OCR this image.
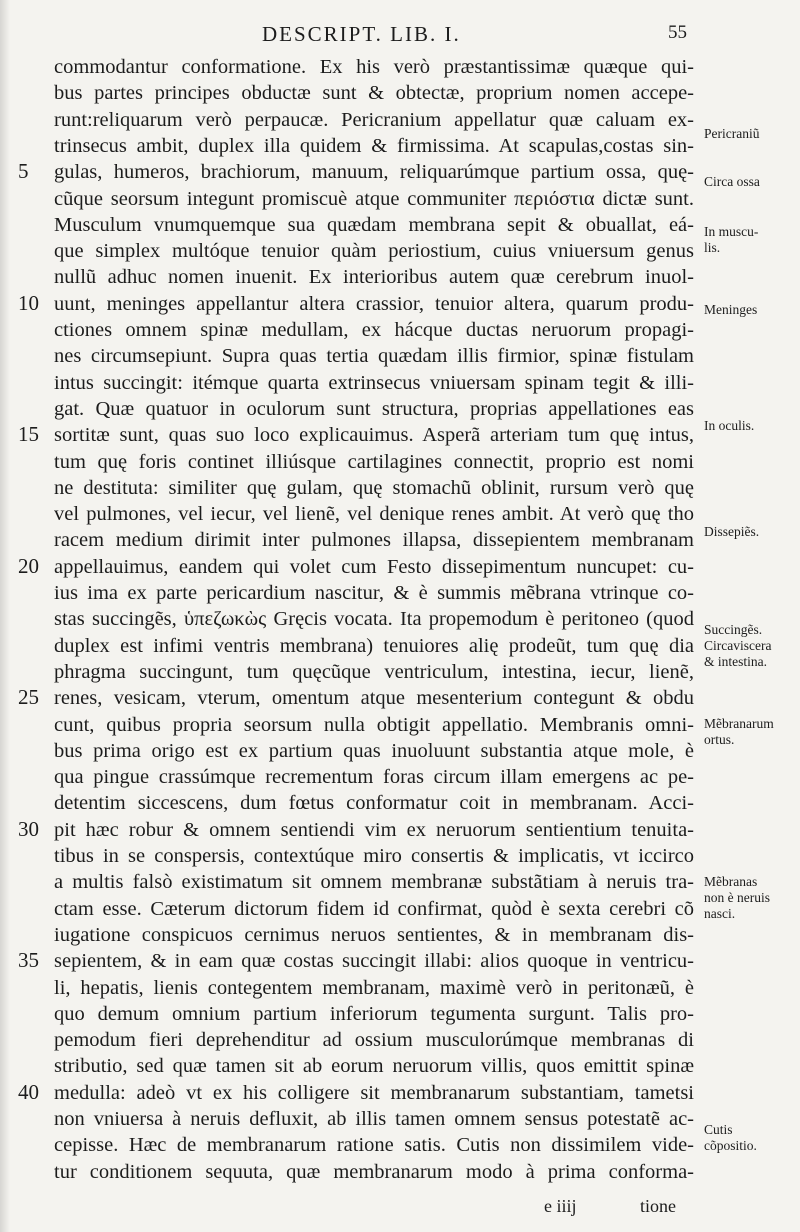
DESCRIPT. LIB. I.	55
commodantur conformatione. Ex his verò præstantissimæ quæque qui-
bus partes principes obductæ sunt & obtectæ, proprium nomen accepe-
runt:reliquarum verò perpaucæ. Pericranium appellatur quæ caluam ex-
trinsecus ambit, duplex illa quidem & firmissima. At scapulas,costas sin-
5	gulas, humeros, brachiorum, manuum, reliquarúmque partium ossa, quę-
cũque seorsum integunt promiscuè atque communiter περιόστια dictæ sunt.
Musculum vnumquemque sua quædam membrana sepit & obuallat, eá-
que simplex multóque tenuior quàm periostium, cuius vniuersum genus
nullũ adhuc nomen inuenit. Ex interioribus autem quæ cerebrum inuol-
10 uunt, meninges appellantur altera crassior, tenuior altera, quarum produ-
ctiones omnem spinæ medullam, ex hácque ductas neruorum propagi-
nes circumsepiunt. Supra quas tertia quædam illis firmior, spinæ fistulam
intus succingit: itémque quarta extrinsecus vniuersam spinam tegit & illi-
gat. Quæ quatuor in oculorum sunt structura, proprias appellationes eas
15 sortitæ sunt, quas suo loco explicauimus. Asperã arteriam tum quę intus,
tum quę foris continet illiúsque cartilagines connectit, proprio est nomi
ne destituta: similiter quę gulam, quę stomachũ oblinit, rursum verò quę
vel pulmones, vel iecur, vel lienẽ, vel denique renes ambit. At verò quę tho
racem medium dirimit inter pulmones illapsa, dissepientem membranam
20 appellauimus, eandem qui volet cum Festo dissepimentum nuncupet: cu-
ius ima ex parte pericardium nascitur, & è summis mẽbrana vtrinque co-
stas succingẽs, ὑπεζωκὼς Gręcis vocata. Ita propemodum è peritoneo (quod
duplex est infimi ventris membrana) tenuiores alię prodeũt, tum quę dia
phragma succingunt, tum quęcũque ventriculum, intestina, iecur, lienẽ,
25 renes, vesicam, vterum, omentum atque mesenterium contegunt & obdu
cunt, quibus propria seorsum nulla obtigit appellatio. Membranis omni-
bus prima origo est ex partium quas inuoluunt substantia atque mole, è
qua pingue crassúmque recrementum foras circum illam emergens ac pe-
detentim siccescens, dum fœtus conformatur coit in membranam. Acci-
30 pit hæc robur & omnem sentiendi vim ex neruorum sentientium tenuita-
tibus in se conspersis, contextúque miro consertis & implicatis, vt iccirco
a multis falsò existimatum sit omnem membranæ substãtiam à neruis tra-
ctam esse. Cæterum dictorum fidem id confirmat, quòd è sexta cerebri cõ
iugatione conspicuos cernimus neruos sentientes, & in membranam dis-
35 sepientem, & in eam quæ costas succingit illabi: alios quoque in ventricu-
li, hepatis, lienis contegentem membranam, maximè verò in peritonæũ, è
quo demum omnium partium inferiorum tegumenta surgunt. Talis pro-
pemodum fieri deprehenditur ad ossium musculorúmque membranas di
stributio, sed quæ tamen sit ab eorum neruorum villis, quos emittit spinæ
40 medulla: adeò vt ex his colligere sit membranarum substantiam, tametsi
non vniuersa à neruis defluxit, ab illis tamen omnem sensus potestatẽ ac-
cepisse. Hæc de membranarum ratione satis. Cutis non dissimilem vide-
tur conditionem sequuta, quæ membranarum modo à prima conforma-
Pericraniũ
Circa ossa
In muscu- lis.
Meninges
In oculis.
Dissepiẽs.
Succingẽs. Circaviscera & intestina.
Mẽbranarum ortus.
Mẽbranas non è neruis nasci.
Cutis cõpositio.
e iiij	tione
